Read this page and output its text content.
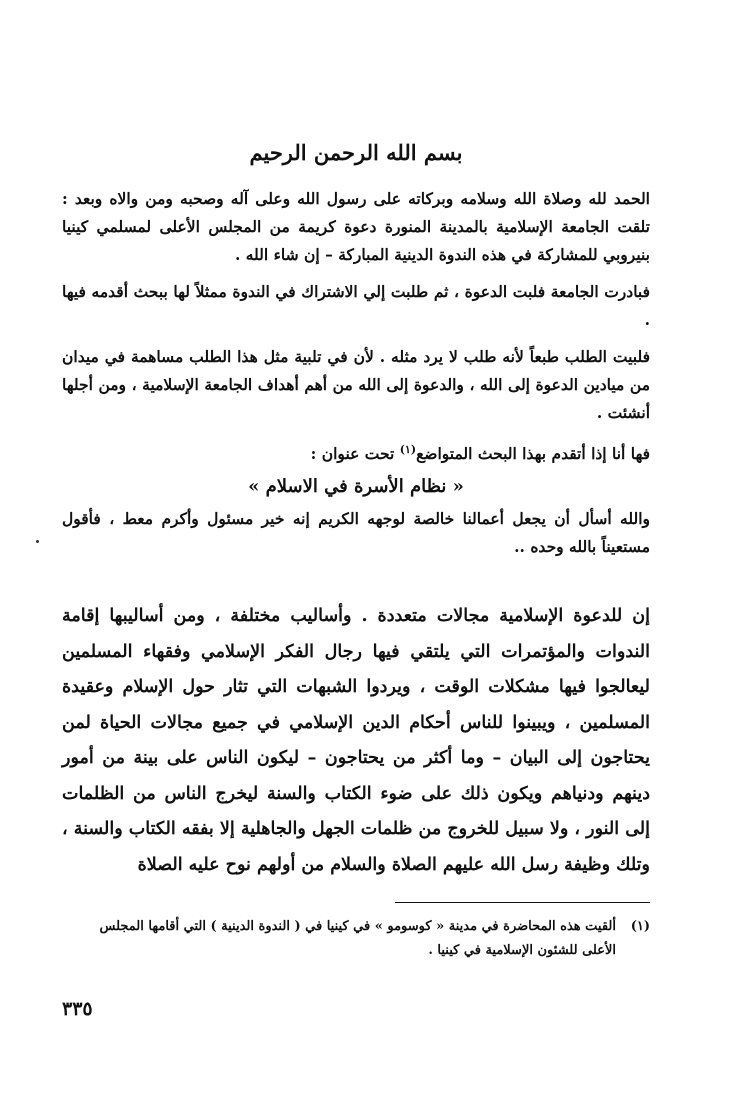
بسم الله الرحمن الرحيم

الحمد لله وصلاة الله وسلامه وبركاته على رسول الله وعلى آله وصحبه ومن والاه وبعد : تلقت الجامعة الإسلامية بالمدينة المنورة دعوة كريمة من المجلس الأعلى لمسلمي كينيا بنيروبي للمشاركة في هذه الندوة الدينية المباركة – إن شاء الله .

فبادرت الجامعة فلبت الدعوة ، ثم طلبت إلي الاشتراك في الندوة ممثلاً لها ببحث أقدمه فيها .

فلبيت الطلب طبعاً لأنه طلب لا يرد مثله . لأن في تلبية مثل هذا الطلب مساهمة في ميدان من ميادين الدعوة إلى الله ، والدعوة إلى الله من أهم أهداف الجامعة الإسلامية ، ومن أجلها أنشئت .

فها أنا إذا أتقدم بهذا البحث المتواضع$^{(١)}$ تحت عنوان :

« نظام الأسرة في الاسلام »

والله أسأل أن يجعل أعمالنا خالصة لوجهه الكريم إنه خير مسئول وأكرم معط ، فأقول مستعيناً بالله وحده ..

إن للدعوة الإسلامية مجالات متعددة . وأساليب مختلفة ، ومن أساليبها إقامة الندوات والمؤتمرات التي يلتقي فيها رجال الفكر الإسلامي وفقهاء المسلمين ليعالجوا فيها مشكلات الوقت ، ويردوا الشبهات التي تثار حول الإسلام وعقيدة المسلمين ، ويبينوا للناس أحكام الدين الإسلامي في جميع مجالات الحياة لمن يحتاجون إلى البيان – وما أكثر من يحتاجون – ليكون الناس على بينة من أمور دينهم ودنياهم ويكون ذلك على ضوء الكتاب والسنة ليخرج الناس من الظلمات إلى النور ، ولا سبيل للخروج من ظلمات الجهل والجاهلية إلا بفقه الكتاب والسنة ، وتلك وظيفة رسل الله عليهم الصلاة والسلام من أولهم نوح عليه الصلاة

(١)
ألقيت هذه المحاضرة في مدينة « كوسومو » في كينيا في ( الندوة الدينية ) التي أقامها المجلس الأعلى للشئون الإسلامية في كينيا .
٣٣٥
